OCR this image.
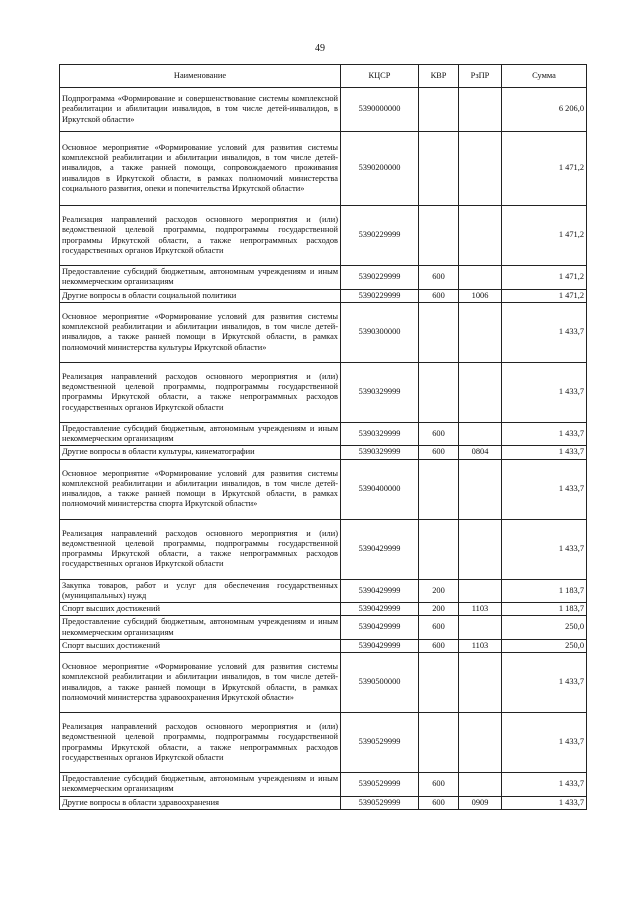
49
Наименование	КЦСР	КВР	РзПР	Сумма
Подпрограмма «Формирование и совершенствование системы комплексной реабилитации и абилитации инвалидов, в том числе детей-инвалидов, в Иркутской области»	5390000000			6 206,0
Основное мероприятие «Формирование условий для развития системы комплексной реабилитации и абилитации инвалидов, в том числе детей-инвалидов, а также ранней помощи, сопровождаемого проживания инвалидов в Иркутской области, в рамках полномочий министерства социального развития, опеки и попечительства Иркутской области»	5390200000			1 471,2
Реализация направлений расходов основного мероприятия и (или) ведомственной целевой программы, подпрограммы государственной программы Иркутской области, а также непрограммных расходов государственных органов Иркутской области	5390229999			1 471,2
Предоставление субсидий бюджетным, автономным учреждениям и иным некоммерческим организациям	5390229999	600		1 471,2
Другие вопросы в области социальной политики	5390229999	600	1006	1 471,2
Основное мероприятие «Формирование условий для развития системы комплексной реабилитации и абилитации инвалидов, в том числе детей-инвалидов, а также ранней помощи в Иркутской области, в рамках полномочий министерства культуры Иркутской области»	5390300000			1 433,7
Реализация направлений расходов основного мероприятия и (или) ведомственной целевой программы, подпрограммы государственной программы Иркутской области, а также непрограммных расходов государственных органов Иркутской области	5390329999			1 433,7
Предоставление субсидий бюджетным, автономным учреждениям и иным некоммерческим организациям	5390329999	600		1 433,7
Другие вопросы в области культуры, кинематографии	5390329999	600	0804	1 433,7
Основное мероприятие «Формирование условий для развития системы комплексной реабилитации и абилитации инвалидов, в том числе детей-инвалидов, а также ранней помощи в Иркутской области, в рамках полномочий министерства спорта Иркутской области»	5390400000			1 433,7
Реализация направлений расходов основного мероприятия и (или) ведомственной целевой программы, подпрограммы государственной программы Иркутской области, а также непрограммных расходов государственных органов Иркутской области	5390429999			1 433,7
Закупка товаров, работ и услуг для обеспечения государственных (муниципальных) нужд	5390429999	200		1 183,7
Спорт высших достижений	5390429999	200	1103	1 183,7
Предоставление субсидий бюджетным, автономным учреждениям и иным некоммерческим организациям	5390429999	600		250,0
Спорт высших достижений	5390429999	600	1103	250,0
Основное мероприятие «Формирование условий для развития системы комплексной реабилитации и абилитации инвалидов, в том числе детей-инвалидов, а также ранней помощи в Иркутской области, в рамках полномочий министерства здравоохранения Иркутской области»	5390500000			1 433,7
Реализация направлений расходов основного мероприятия и (или) ведомственной целевой программы, подпрограммы государственной программы Иркутской области, а также непрограммных расходов государственных органов Иркутской области	5390529999			1 433,7
Предоставление субсидий бюджетным, автономным учреждениям и иным некоммерческим организациям	5390529999	600		1 433,7
Другие вопросы в области здравоохранения	5390529999	600	0909	1 433,7
